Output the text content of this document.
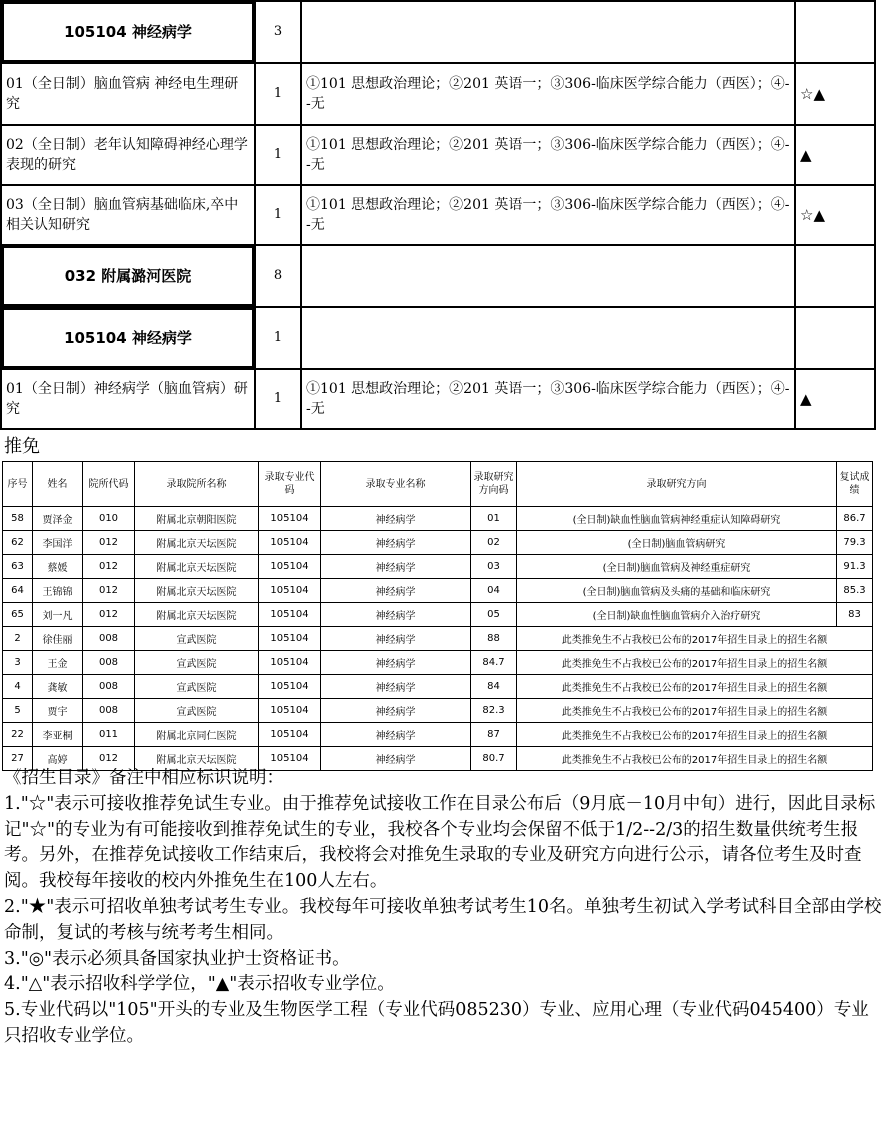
105104 神经病学	3		
01（全日制）脑血管病 神经电生理研究	1	①101 思想政治理论；②201 英语一；③306-临床医学综合能力（西医）；④--无	☆▲
02（全日制）老年认知障碍神经心理学表现的研究	1	①101 思想政治理论；②201 英语一；③306-临床医学综合能力（西医）；④--无	▲
03（全日制）脑血管病基础临床,卒中相关认知研究	1	①101 思想政治理论；②201 英语一；③306-临床医学综合能力（西医）；④--无	☆▲
032 附属潞河医院	8		
105104 神经病学	1		
01（全日制）神经病学（脑血管病）研究	1	①101 思想政治理论；②201 英语一；③306-临床医学综合能力（西医）；④--无	▲
推免
序号	姓名	院所代码	录取院所名称	录取专业代码	录取专业名称	录取研究方向码	录取研究方向	复试成绩
58	贾泽金	010	附属北京朝阳医院	105104	神经病学	01	(全日制)缺血性脑血管病神经重症认知障碍研究	86.7
62	李国洋	012	附属北京天坛医院	105104	神经病学	02	(全日制)脑血管病研究	79.3
63	蔡媛	012	附属北京天坛医院	105104	神经病学	03	(全日制)脑血管病及神经重症研究	91.3
64	王锦锦	012	附属北京天坛医院	105104	神经病学	04	(全日制)脑血管病及头痛的基础和临床研究	85.3
65	刘一凡	012	附属北京天坛医院	105104	神经病学	05	(全日制)缺血性脑血管病介入治疗研究	83
2	徐佳丽	008	宣武医院	105104	神经病学	88	此类推免生不占我校已公布的2017年招生目录上的招生名额	
3	王金	008	宣武医院	105104	神经病学	84.7	此类推免生不占我校已公布的2017年招生目录上的招生名额	
4	龚敏	008	宣武医院	105104	神经病学	84	此类推免生不占我校已公布的2017年招生目录上的招生名额	
5	贾宇	008	宣武医院	105104	神经病学	82.3	此类推免生不占我校已公布的2017年招生目录上的招生名额	
22	李亚桐	011	附属北京同仁医院	105104	神经病学	87	此类推免生不占我校已公布的2017年招生目录上的招生名额	
27	高婷	012	附属北京天坛医院	105104	神经病学	80.7	此类推免生不占我校已公布的2017年招生目录上的招生名额	

《招生目录》备注中相应标识说明：

1."☆"表示可接收推荐免试生专业。由于推荐免试接收工作在目录公布后（9月底－10月中旬）进行，因此目录标记"☆"的专业为有可能接收到推荐免试生的专业，我校各个专业均会保留不低于1/2--2/3的招生数量供统考生报考。另外，在推荐免试接收工作结束后，我校将会对推免生录取的专业及研究方向进行公示，请各位考生及时查阅。我校每年接收的校内外推免生在100人左右。

2."★"表示可招收单独考试考生专业。我校每年可接收单独考试考生10名。单独考生初试入学考试科目全部由学校命制，复试的考核与统考考生相同。

3."◎"表示必须具备国家执业护士资格证书。

4."△"表示招收科学学位，"▲"表示招收专业学位。

5.专业代码以"105"开头的专业及生物医学工程（专业代码085230）专业、应用心理（专业代码045400）专业只招收专业学位。
